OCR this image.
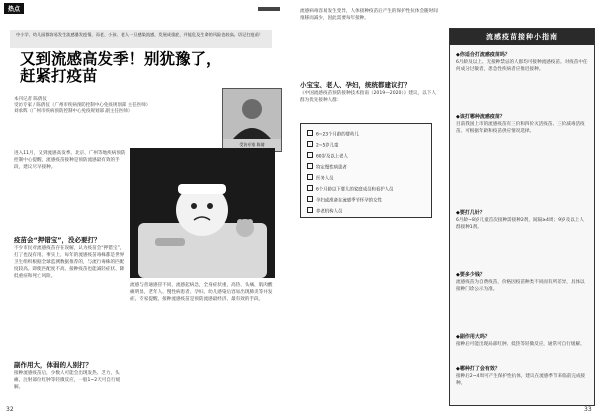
热点
中小学、幼儿园都容易发生流感暴发疫情，而老、小孩、老人一旦感染流感，发展成重症，并能危及生命的风险也较高。切记打疫苗！
又到流感高发季！别犹豫了，
赶紧打疫苗
本刊记者 陈倩仪
受访专家 / 陈倩仪（广州市疾病预防控制中心免疫规划部 主任医师）
刘承辉（广州市疾病预防控制中心免疫规划部 副主任医师）
受访专家 陈倩
进入11月，又到流感高发季。北京、广州等地疾病预防控制中心提醒，流感疫苗接种是预防流感最有效的手段，建议尽早接种。
疫苗会“押错宝”，没必要打？
不少市民对流感疫苗存在误解，认为疫苗会“押错宝”，打了也没有用。事实上，每年的流感疫苗毒株都是世界卫生组织根据全球监测数据推荐的，与流行毒株的匹配度较高。即使匹配度不高，接种疫苗也能减轻症状、降低重症和死亡风险。
副作用大，体弱的人别打？
接种流感疫苗后，少数人可能会出现发热、乏力、头痛、注射部位红肿等轻微反应，一般1~2天可自行缓解。
流感与普通感冒不同，流感起病急，全身症状重，高热、头痛、肌肉酸痛明显，老年人、慢性病患者、孕妇、幼儿感染后容易出现肺炎等并发症。专家提醒，接种流感疫苗是预防流感最经济、最有效的手段。
流感病毒容易发生变异，人体接种疫苗后产生的保护性抗体会随时间推移而减少，因此需要每年接种。
小宝宝、老人、孕妇，统统都建议打？
《中国流感疫苗预防接种技术指南（2019—2020）》建议，以下人群为优先接种人群：
6~23个月龄的婴幼儿
2~5岁儿童
60岁及以上老人
特定慢性病患者
医务人员
6个月龄以下婴儿的家庭成员和看护人员
孕妇或准备在流感季节怀孕的女性
养老机构人员
流感疫苗接种小指南
◆你适合打流感疫苗吗？
6月龄及以上、无接种禁忌的人群均可接种流感疫苗。对疫苗中任何成分过敏者，患急性疾病者应推迟接种。
◆该打哪种流感疫苗？
目前我国上市的流感疫苗有三价和四价灭活疫苗、三价减毒活疫苗。可根据年龄和疫苗供应情况选择。
◆要打几针？
6月龄~8岁儿童首次接种需接种2剂，间隔≥4周；9岁及以上人群接种1剂。
◆要多少钱？
流感疫苗为自费疫苗，价格因疫苗种类不同而有所差异，具体以接种门诊公示为准。
◆副作用大吗？
接种后可能出现局部红肿、低热等轻微反应，通常可自行缓解。
◆哪种打了会有效？
接种后2~4周可产生保护性抗体，建议在流感季节来临前完成接种。
32	33
